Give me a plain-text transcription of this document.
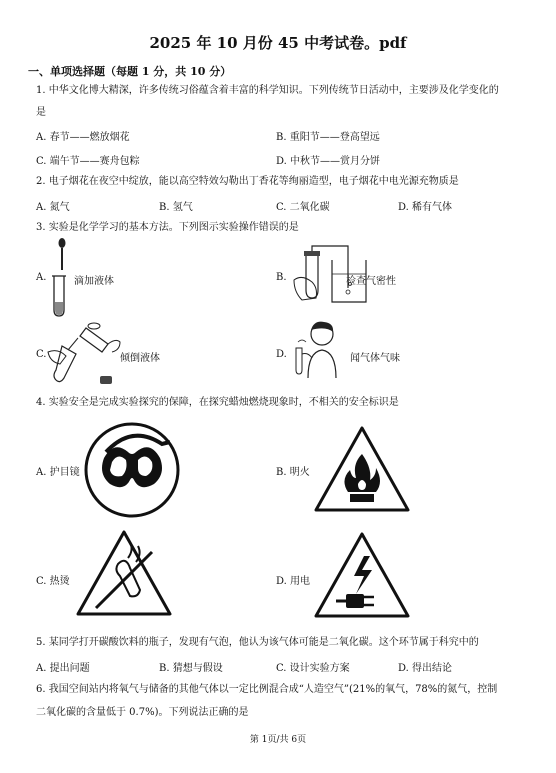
2025 年 10 月份 45 中考试卷。pdf
一、单项选择题（每题 1 分，共 10 分）
1. 中华文化博大精深，许多传统习俗蕴含着丰富的科学知识。下列传统节日活动中，主要涉及化学变化的
是
A. 春节——燃放烟花	B. 重阳节——登高望远
C. 端午节——赛舟包粽	D. 中秋节——赏月分饼
2. 电子烟花在夜空中绽放，能以高空特效勾勒出丁香花等绚丽造型，电子烟花中电光源充物质是
A. 氮气	B. 氢气	C. 二氧化碳	D. 稀有气体
3. 实验是化学学习的基本方法。下列图示实验操作错误的是
A.	滴加液体	B.	检查气密性
C.	倾倒液体	D.	闻气体气味
4. 实验安全是完成实验探究的保障，在探究蜡烛燃烧现象时，不相关的安全标识是
A. 护目镜	B. 明火
C. 热烫	D. 用电
5. 某同学打开碳酸饮料的瓶子，发现有气泡，他认为该气体可能是二氧化碳。这个环节属于科究中的
A. 提出问题	B. 猜想与假设	C. 设计实验方案	D. 得出结论
6. 我国空间站内将氧气与储备的其他气体以一定比例混合成“人造空气”(21%的氧气，78%的氮气，控制
二氧化碳的含量低于 0.7%)。下列说法正确的是
第 1页/共 6页
